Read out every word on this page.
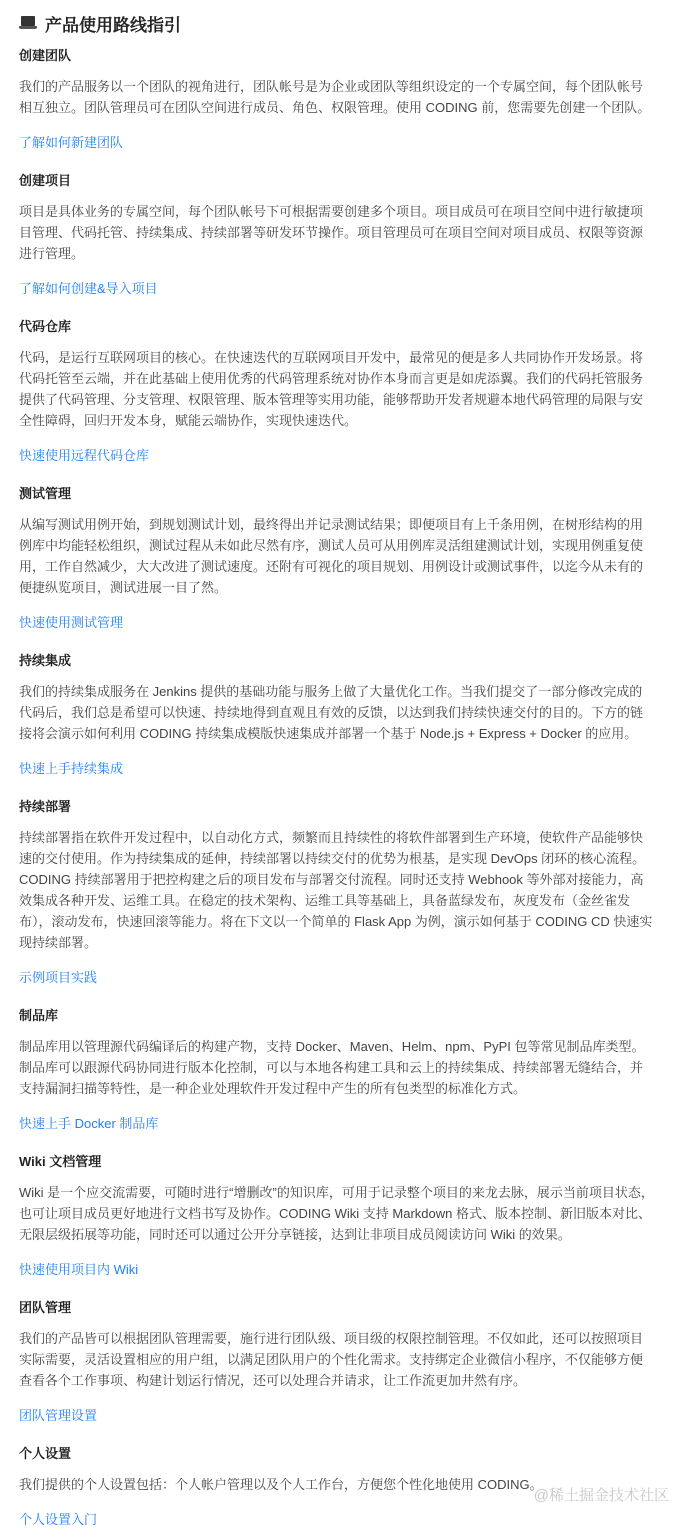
产品使用路线指引
创建团队

我们的产品服务以一个团队的视角进行，团队帐号是为企业或团队等组织设定的一个专属空间，每个团队帐号相互独立。团队管理员可在团队空间进行成员、角色、权限管理。使用 CODING 前，您需要先创建一个团队。

了解如何新建团队
创建项目

项目是具体业务的专属空间，每个团队帐号下可根据需要创建多个项目。项目成员可在项目空间中进行敏捷项目管理、代码托管、持续集成、持续部署等研发环节操作。项目管理员可在项目空间对项目成员、权限等资源进行管理。

了解如何创建&导入项目
代码仓库

代码，是运行互联网项目的核心。在快速迭代的互联网项目开发中，最常见的便是多人共同协作开发场景。将代码托管至云端，并在此基础上使用优秀的代码管理系统对协作本身而言更是如虎添翼。我们的代码托管服务提供了代码管理、分支管理、权限管理、版本管理等实用功能，能够帮助开发者规避本地代码管理的局限与安全性障碍，回归开发本身，赋能云端协作，实现快速迭代。

快速使用远程代码仓库
测试管理

从编写测试用例开始，到规划测试计划，最终得出并记录测试结果；即便项目有上千条用例，在树形结构的用例库中均能轻松组织，测试过程从未如此尽然有序，测试人员可从用例库灵活组建测试计划，实现用例重复使用，工作自然减少，大大改进了测试速度。还附有可视化的项目规划、用例设计或测试事件，以迄今从未有的便捷纵览项目，测试进展一目了然。

快速使用测试管理
持续集成

我们的持续集成服务在 Jenkins 提供的基础功能与服务上做了大量优化工作。当我们提交了一部分修改完成的代码后，我们总是希望可以快速、持续地得到直观且有效的反馈，以达到我们持续快速交付的目的。下方的链接将会演示如何利用 CODING 持续集成模版快速集成并部署一个基于 Node.js + Express + Docker 的应用。

快速上手持续集成
持续部署

持续部署指在软件开发过程中，以自动化方式，频繁而且持续性的将软件部署到生产环境，使软件产品能够快速的交付使用。作为持续集成的延伸，持续部署以持续交付的优势为根基，是实现 DevOps 闭环的核心流程。CODING 持续部署用于把控构建之后的项目发布与部署交付流程。同时还支持 Webhook 等外部对接能力，高效集成各种开发、运维工具。在稳定的技术架构、运维工具等基础上，具备蓝绿发布，灰度发布（金丝雀发布），滚动发布，快速回滚等能力。将在下文以一个简单的 Flask App 为例，演示如何基于 CODING CD 快速实现持续部署。

示例项目实践
制品库

制品库用以管理源代码编译后的构建产物，支持 Docker、Maven、Helm、npm、PyPI 包等常见制品库类型。制品库可以跟源代码协同进行版本化控制，可以与本地各构建工具和云上的持续集成、持续部署无缝结合，并支持漏洞扫描等特性，是一种企业处理软件开发过程中产生的所有包类型的标准化方式。

快速上手 Docker 制品库
Wiki 文档管理

Wiki 是一个应交流需要，可随时进行“增删改”的知识库，可用于记录整个项目的来龙去脉，展示当前项目状态，也可让项目成员更好地进行文档书写及协作。CODING Wiki 支持 Markdown 格式、版本控制、新旧版本对比、无限层级拓展等功能，同时还可以通过公开分享链接，达到让非项目成员阅读访问 Wiki 的效果。

快速使用项目内 Wiki
团队管理

我们的产品皆可以根据团队管理需要，施行进行团队级、项目级的权限控制管理。不仅如此，还可以按照项目实际需要，灵活设置相应的用户组，以满足团队用户的个性化需求。支持绑定企业微信小程序，不仅能够方便查看各个工作事项、构建计划运行情况，还可以处理合并请求，让工作流更加井然有序。

团队管理设置
个人设置

我们提供的个人设置包括：个人帐户管理以及个人工作台，方便您个性化地使用 CODING。

个人设置入门
@稀土掘金技术社区
